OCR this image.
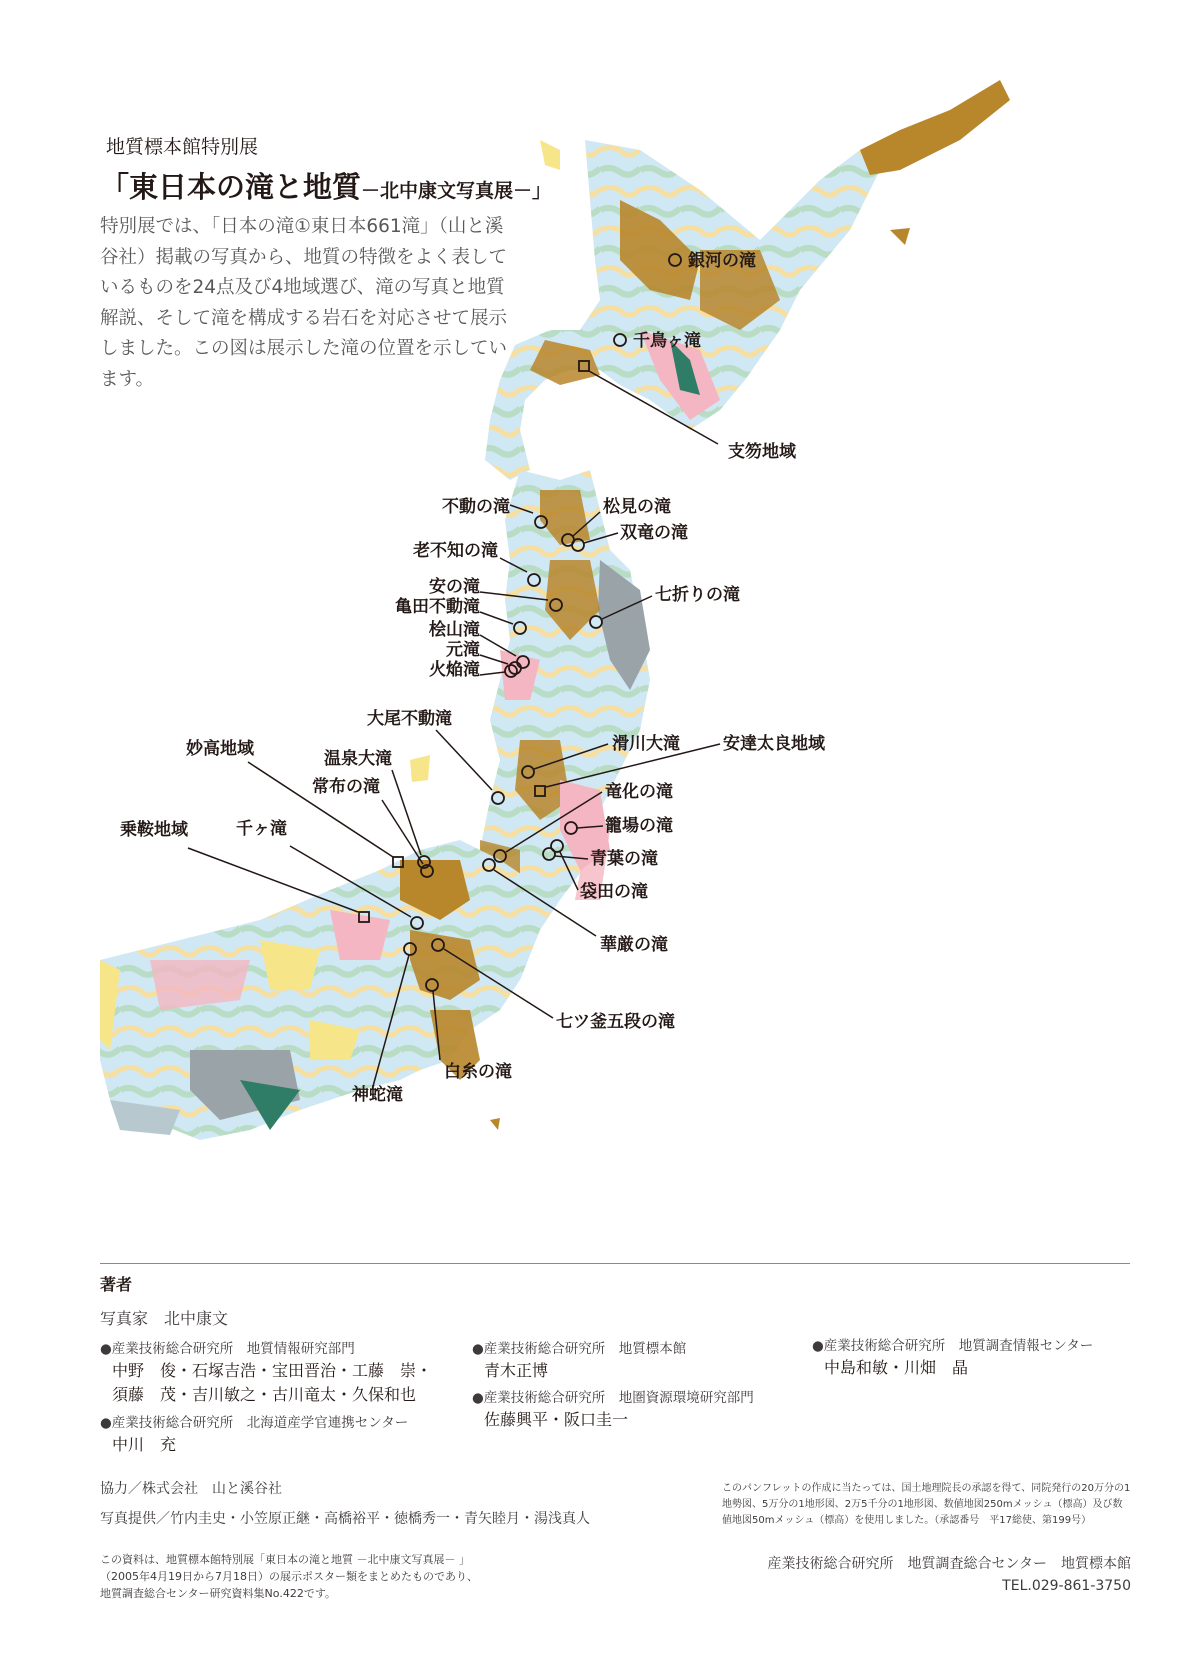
銀河の滝
千鳥ヶ滝
支笏地域
不動の滝	松見の滝
双竜の滝
老不知の滝
安の滝
亀田不動滝
七折りの滝
桧山滝
元滝
火焔滝
大尾不動滝
妙高地域	温泉大滝
滑川大滝	安達太良地域
常布の滝	竜化の滝
乗鞍地域	千ヶ滝	籠場の滝
青葉の滝
袋田の滝
華厳の滝
七ツ釜五段の滝
白糸の滝
神蛇滝
地質標本館特別展
「東日本の滝と地質－北中康文写真展－」
特別展では、「日本の滝①東日本661滝」（山と溪谷社）掲載の写真から、地質の特徴をよく表しているものを24点及び4地域選び、滝の写真と地質解説、そして滝を構成する岩石を対応させて展示しました。この図は展示した滝の位置を示しています。
著者
写真家　北中康文
●産業技術総合研究所　地質情報研究部門
中野　俊・石塚吉浩・宝田晋治・工藤　崇・
須藤　茂・吉川敏之・古川竜太・久保和也
●産業技術総合研究所　北海道産学官連携センター
中川　充
●産業技術総合研究所　地質標本館
青木正博
●産業技術総合研究所　地圏資源環境研究部門
佐藤興平・阪口圭一
●産業技術総合研究所　地質調査情報センター
中島和敏・川畑　晶
協力／株式会社　山と溪谷社
写真提供／竹内圭史・小笠原正継・高橋裕平・徳橋秀一・青矢睦月・湯浅真人
このパンフレットの作成に当たっては、国土地理院長の承認を得て、同院発行の20万分の1地勢図、5万分の1地形図、2万5千分の1地形図、数値地図250mメッシュ（標高）及び数値地図50mメッシュ（標高）を使用しました。（承認番号　平17総使、第199号）
この資料は、地質標本館特別展「東日本の滝と地質 －北中康文写真展－ 」
（2005年4月19日から7月18日）の展示ポスター類をまとめたものであり、
地質調査総合センター研究資料集No.422です。
産業技術総合研究所　地質調査総合センター　地質標本館
TEL.029-861-3750
